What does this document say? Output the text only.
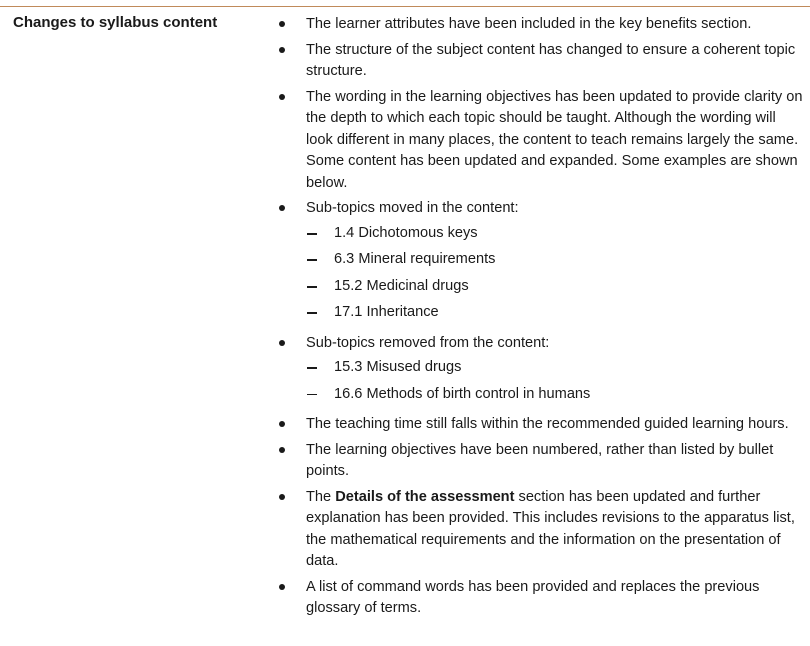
Changes to syllabus content	The learner attributes have been included in the key benefits section.
The structure of the subject content has changed to ensure a coherent topic structure.
The wording in the learning objectives has been updated to provide clarity on the depth to which each topic should be taught. Although the wording will look different in many places, the content to teach remains largely the same. Some content has been updated and expanded. Some examples are shown below.
Sub-topics moved in the content:
1.4 Dichotomous keys
6.3 Mineral requirements
15.2 Medicinal drugs
17.1 Inheritance
Sub-topics removed from the content:
15.3 Misused drugs
16.6 Methods of birth control in humans
The teaching time still falls within the recommended guided learning hours.
The learning objectives have been numbered, rather than listed by bullet points.
The Details of the assessment section has been updated and further explanation has been provided. This includes revisions to the apparatus list, the mathematical requirements and the information on the presentation of data.
A list of command words has been provided and replaces the previous glossary of terms.
